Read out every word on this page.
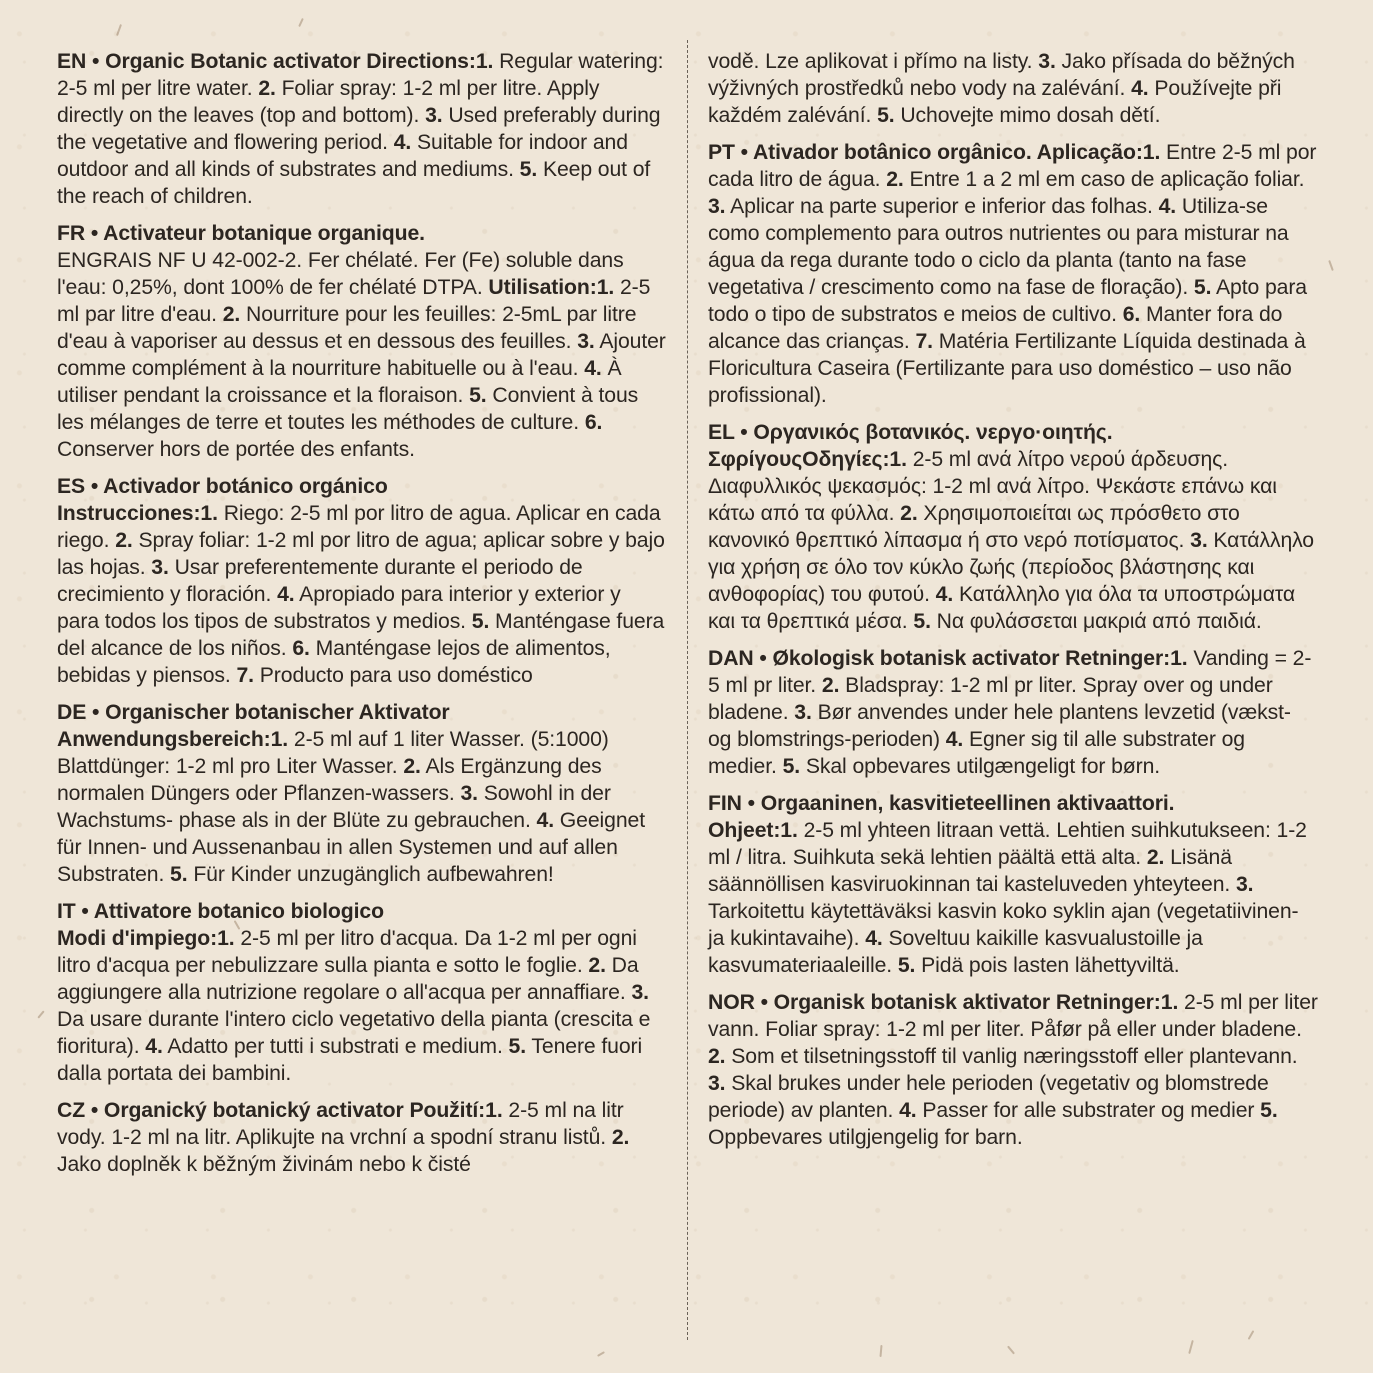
EN • Organic Botanic activator Directions:1. Regular watering: 2-5 ml per litre water. 2. Foliar spray: 1-2 ml per litre. Apply directly on the leaves (top and bottom). 3. Used preferably during the vegetative and flowering period. 4. Suitable for indoor and outdoor and all kinds of substrates and mediums. 5. Keep out of the reach of children.

FR • Activateur botanique organique.
ENGRAIS NF U 42-002-2. Fer chélaté. Fer (Fe) soluble dans l'eau: 0,25%, dont 100% de fer chélaté DTPA. Utilisation:1. 2-5 ml par litre d'eau. 2. Nourriture pour les feuilles: 2-5mL par litre d'eau à vaporiser au dessus et en dessous des feuilles. 3. Ajouter comme complément à la nourriture habituelle ou à l'eau. 4. À utiliser pendant la croissance et la floraison. 5. Convient à tous les mélanges de terre et toutes les méthodes de culture. 6. Conserver hors de portée des enfants.

ES • Activador botánico orgánico
Instrucciones:1. Riego: 2-5 ml por litro de agua. Aplicar en cada riego. 2. Spray foliar: 1-2 ml por litro de agua; aplicar sobre y bajo las hojas. 3. Usar preferentemente durante el periodo de crecimiento y floración. 4. Apropiado para interior y exterior y para todos los tipos de substratos y medios. 5. Manténgase fuera del alcance de los niños. 6. Manténgase lejos de alimentos, bebidas y piensos. 7. Producto para uso doméstico

DE • Organischer botanischer Aktivator
Anwendungsbereich:1. 2-5 ml auf 1 liter Wasser. (5:1000) Blattdünger: 1-2 ml pro Liter Wasser. 2. Als Ergänzung des normalen Düngers oder Pflanzen-wassers. 3. Sowohl in der Wachstums- phase als in der Blüte zu gebrauchen. 4. Geeignet für Innen- und Aussenanbau in allen Systemen und auf allen Substraten. 5. Für Kinder unzugänglich aufbewahren!

IT • Attivatore botanico biologico
Modi d'impiego:1. 2-5 ml per litro d'acqua. Da 1-2 ml per ogni litro d'acqua per nebulizzare sulla pianta e sotto le foglie. 2. Da aggiungere alla nutrizione regolare o all'acqua per annaffiare. 3. Da usare durante l'intero ciclo vegetativo della pianta (crescita e fioritura). 4. Adatto per tutti i substrati e medium. 5. Tenere fuori dalla portata dei bambini.

CZ • Organický botanický activator Použití:1. 2-5 ml na litr vody. 1-2 ml na litr. Aplikujte na vrchní a spodní stranu listů. 2. Jako doplněk k běžným živinám nebo k čisté

vodě. Lze aplikovat i přímo na listy. 3. Jako přísada do běžných výživných prostředků nebo vody na zalévání. 4. Používejte při každém zalévání. 5. Uchovejte mimo dosah dětí.

PT • Ativador botânico orgânico. Aplicação:1. Entre 2-5 ml por cada litro de água. 2. Entre 1 a 2 ml em caso de aplicação foliar. 3. Aplicar na parte superior e inferior das folhas. 4. Utiliza-se como complemento para outros nutrientes ou para misturar na água da rega durante todo o ciclo da planta (tanto na fase vegetativa / crescimento como na fase de floração). 5. Apto para todo o tipo de substratos e meios de cultivo. 6. Manter fora do alcance das crianças. 7. Matéria Fertilizante Líquida destinada à Floricultura Caseira (Fertilizante para uso doméstico – uso não profissional).

EL • Οργανικός βοτανικός. νεργο·οιητής.
ΣφρίγουςΟδηγίες:1. 2-5 ml ανά λίτρο νερού άρδευσης. Διαφυλλικός ψεκασμός: 1-2 ml ανά λίτρο. Ψεκάστε επάνω και κάτω από τα φύλλα. 2. Χρησιμοποιείται ως πρόσθετο στο κανονικό θρεπτικό λίπασμα ή στο νερό ποτίσματος. 3. Κατάλληλο για χρήση σε όλο τον κύκλο ζωής (περίοδος βλάστησης και ανθοφορίας) του φυτού. 4. Κατάλληλο για όλα τα υποστρώματα και τα θρεπτικά μέσα. 5. Να φυλάσσεται μακριά από παιδιά.

DAN • Økologisk botanisk activator Retninger:1. Vanding = 2-5 ml pr liter. 2. Bladspray: 1-2 ml pr liter. Spray over og under bladene. 3. Bør anvendes under hele plantens levzetid (vækst- og blomstrings-perioden) 4. Egner sig til alle substrater og medier. 5. Skal opbevares utilgængeligt for børn.

FIN • Orgaaninen, kasvitieteellinen aktivaattori.
Ohjeet:1. 2-5 ml yhteen litraan vettä. Lehtien suihkutukseen: 1-2 ml / litra. Suihkuta sekä lehtien päältä että alta. 2. Lisänä säännöllisen kasviruokinnan tai kasteluveden yhteyteen. 3. Tarkoitettu käytettäväksi kasvin koko syklin ajan (vegetatiivinen- ja kukintavaihe). 4. Soveltuu kaikille kasvualustoille ja kasvumateriaaleille. 5. Pidä pois lasten lähettyviltä.

NOR • Organisk botanisk aktivator Retninger:1. 2-5 ml per liter vann. Foliar spray: 1-2 ml per liter. Påfør på eller under bladene. 2. Som et tilsetningsstoff til vanlig næringsstoff eller plantevann. 3. Skal brukes under hele perioden (vegetativ og blomstrede periode) av planten. 4. Passer for alle substrater og medier 5. Oppbevares utilgjengelig for barn.
